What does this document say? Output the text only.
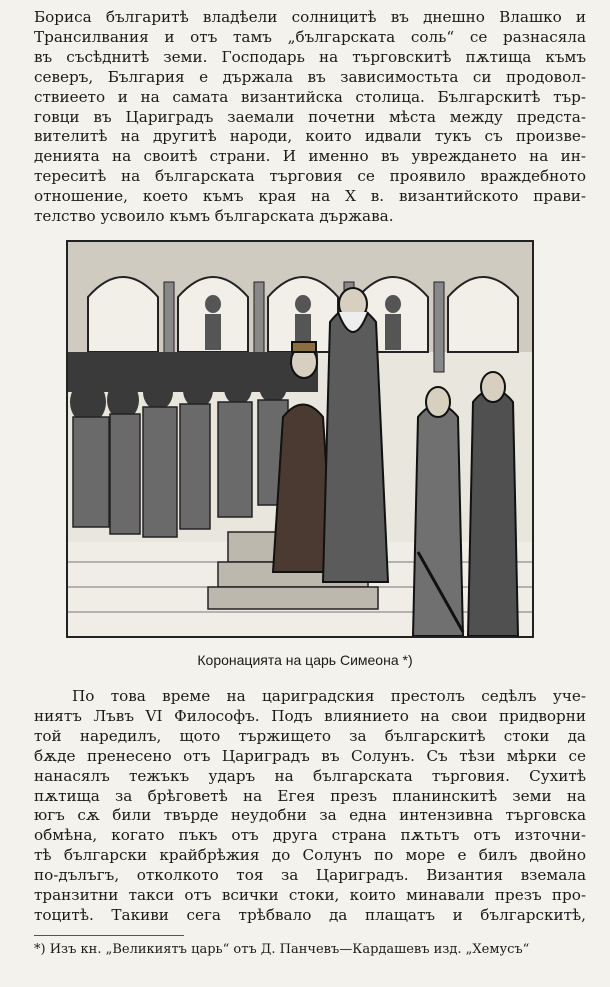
Бориса българитѣ владѣели солницитѣ въ днешно Влашко и
Трансилвания и отъ тамъ „българската соль“ се разнасяла
въ съсѣднитѣ земи. Господарь на търговскитѣ пѫтища къмъ
северъ, България е държала въ зависимостьта си продовол-
ствиеето и на самата византийска столица. Българскитѣ тър-
говци въ Цариградъ заемали почетни мѣста между предста-
вителитѣ на другитѣ народи, които идвали тукъ съ произве-
денията на своитѣ страни. И именно въ увреждането на ин-
тереситѣ на българската търговия се проявило враждебното
отношение, което къмъ края на X в. византийското прави-
телство усвоило къмъ българската държава.
Коронацията на царь Симеона *)
По това време на цариградския престолъ седѣлъ уче-
ниятъ Лъвъ VI Философъ. Подъ влиянието на свои придворни
той наредилъ, щото тържището за българскитѣ стоки да
бѫде пренесено отъ Цариградъ въ Солунъ. Съ тѣзи мѣрки се
нанасялъ тежъкъ ударъ на българската търговия. Сухитѣ
пѫтища за брѣговетѣ на Егея презъ планинскитѣ земи на
югъ сѫ били твърде неудобни за една интензивна търговска
обмѣна, когато пъкъ отъ друга страна пѫтьтъ отъ източни-
тѣ български крайбрѣжия до Солунъ по море е билъ двойно
по-дълъгъ, отколкото тоя за Цариградъ. Византия вземала
транзитни такси отъ всички стоки, които минавали презъ про-
тоцитѣ. Такиви сега трѣбвало да плащатъ и българскитѣ,
*) Изъ кн. „Великиятъ царь“ отъ Д. Панчевъ—Кардашевъ изд. „Хемусъ“
